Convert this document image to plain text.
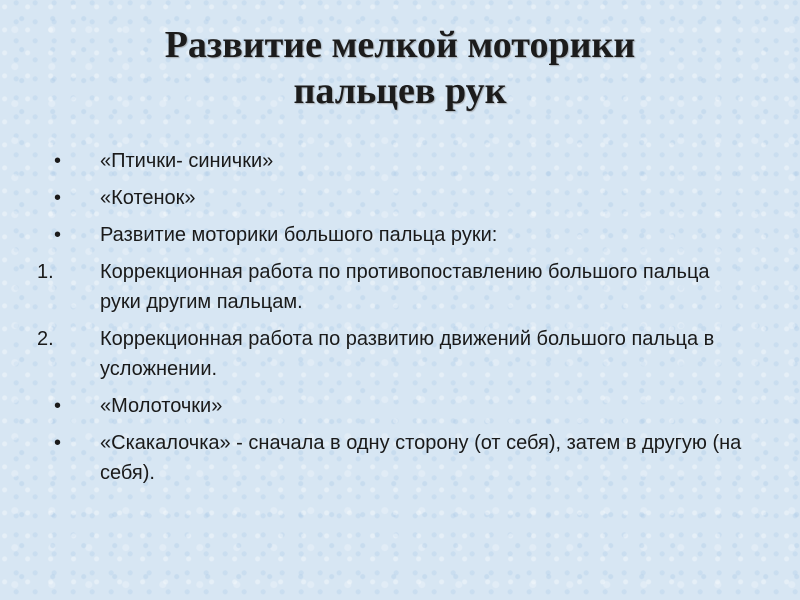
Развитие мелкой моторики
пальцев рук
•	«Птички- синички»
•	«Котенок»
•	Развитие моторики большого пальца руки:
1.	Коррекционная работа по противопоставлению большого пальца руки другим пальцам.
2.	Коррекционная работа по развитию движений большого пальца в усложнении.
•	«Молоточки»
•	«Скакалочка» - сначала в одну сторону (от себя), затем в другую (на себя).
